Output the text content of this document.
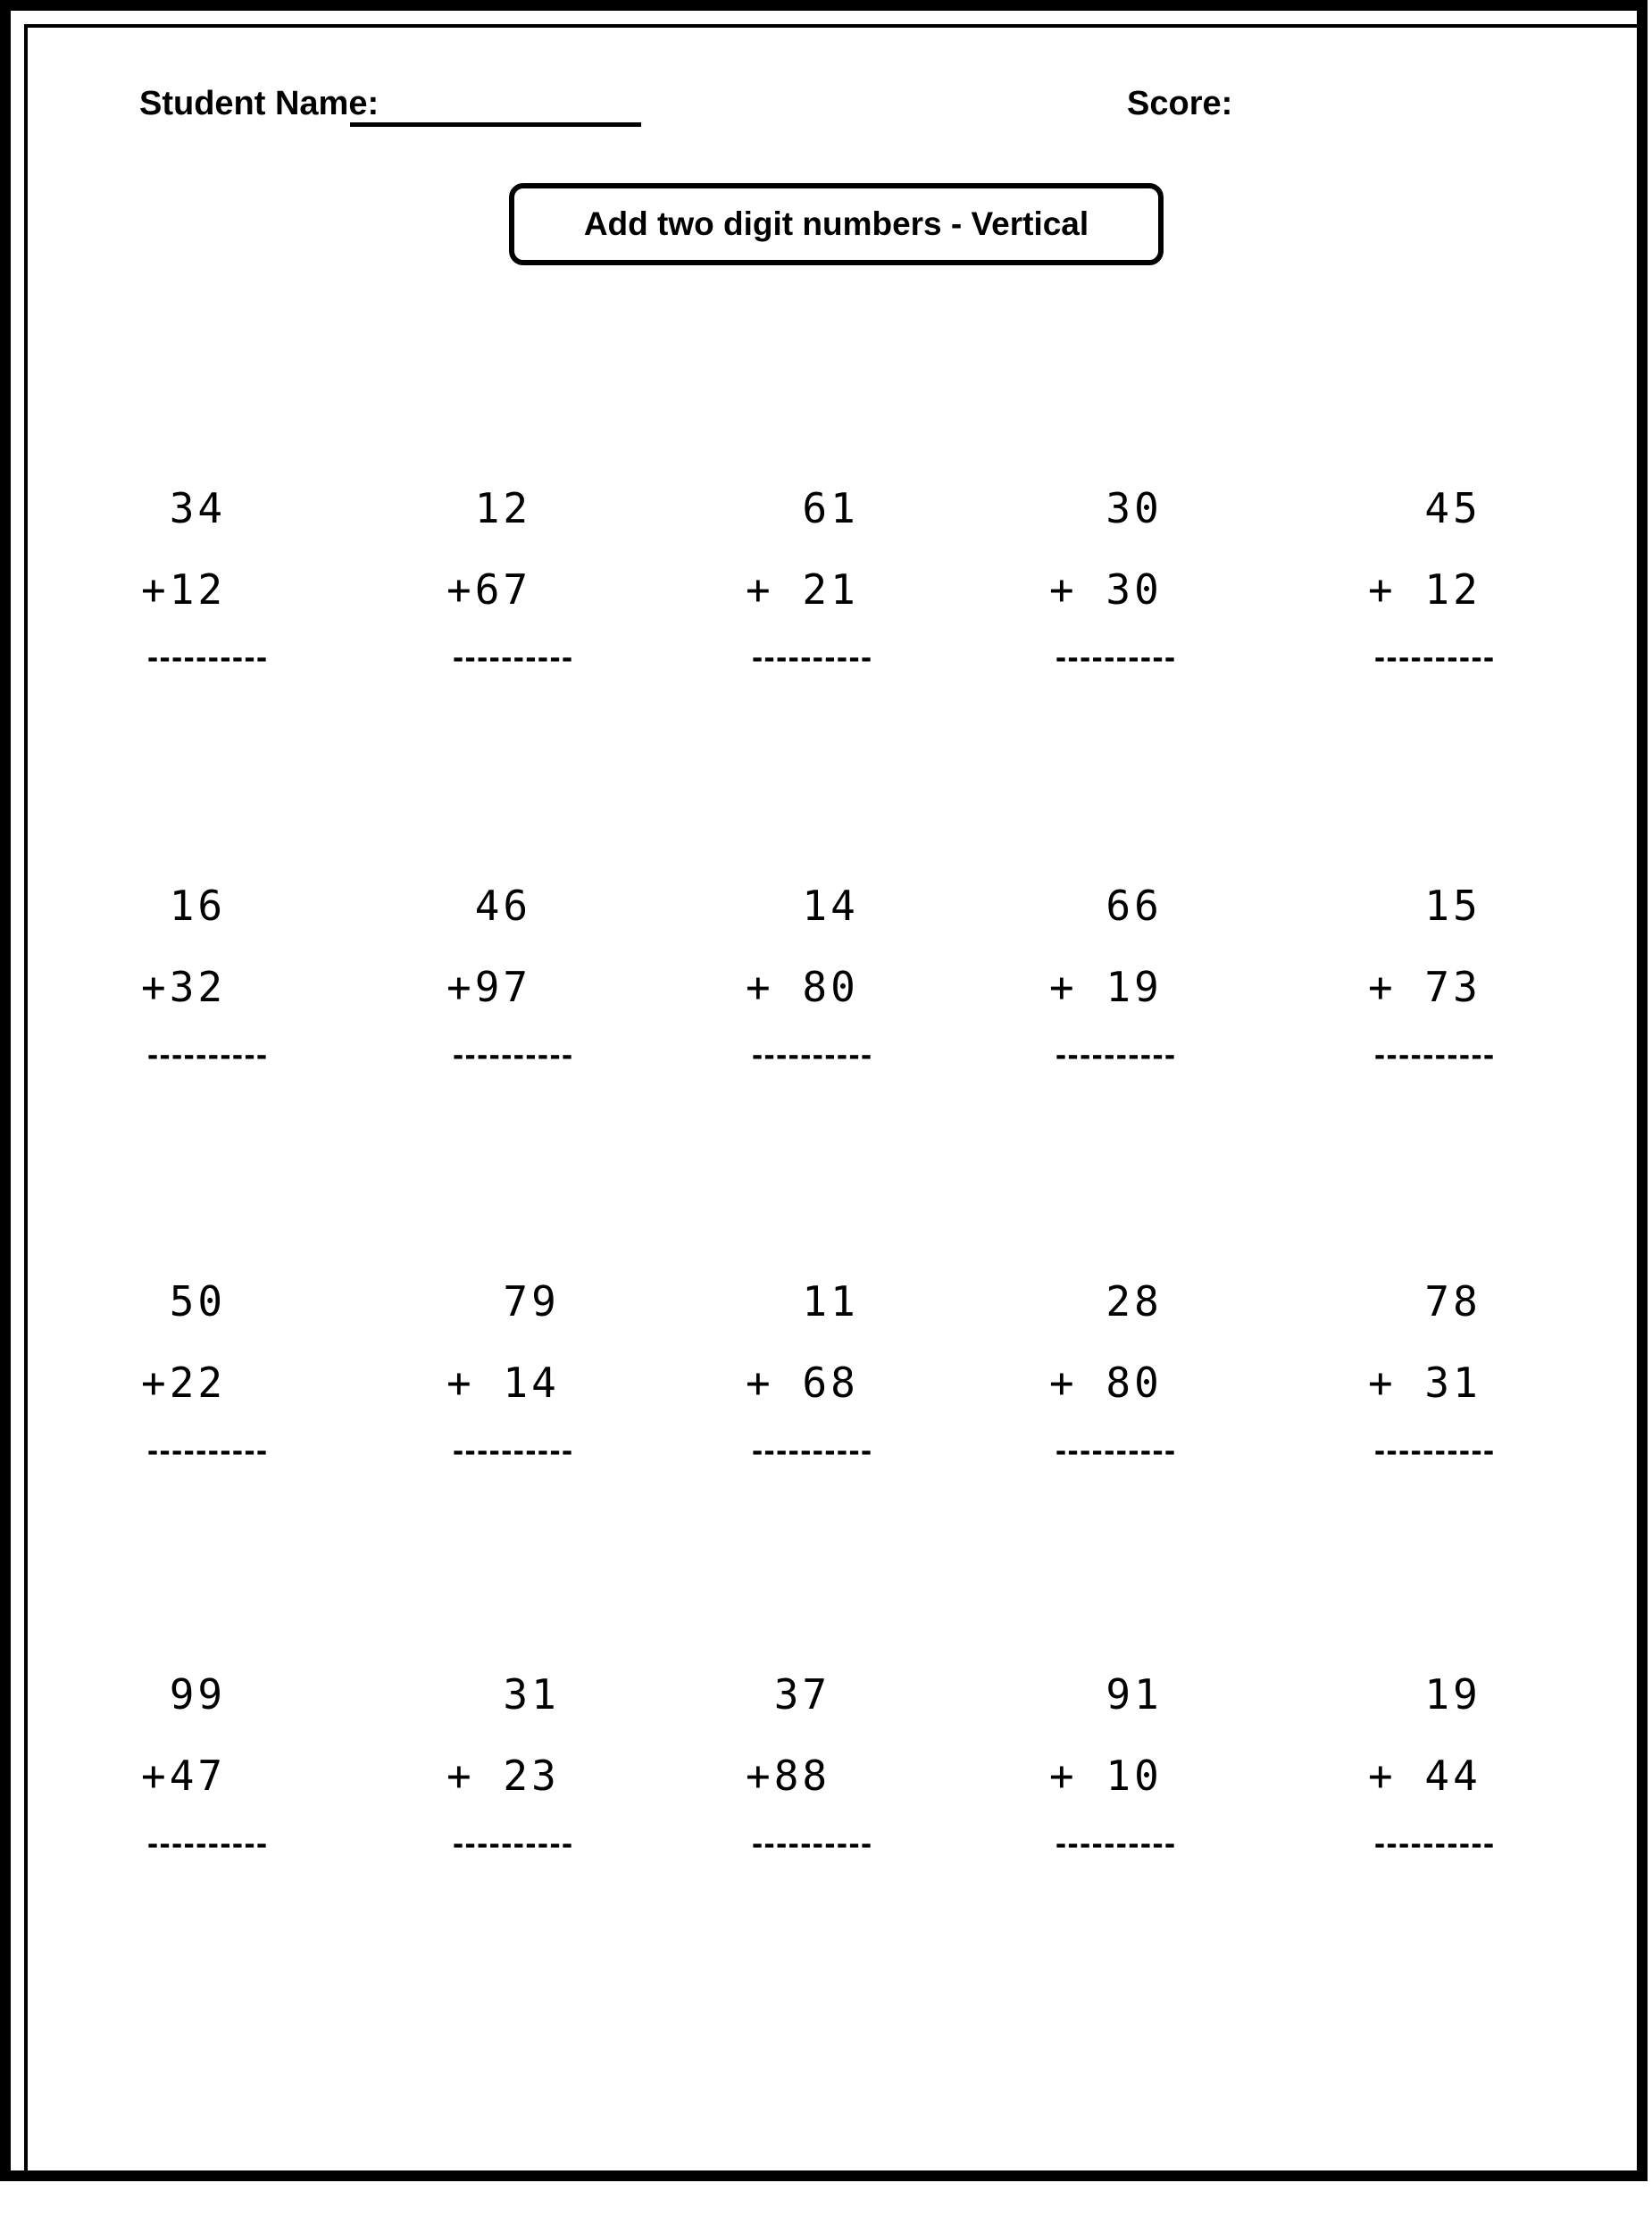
Student Name:	Score:
Add two digit numbers - Vertical
34
+12
----------
12
+67
----------
61
+ 21
----------
30
+ 30
----------
45
+ 12
----------
16
+32
----------
46
+97
----------
14
+ 80
----------
66
+ 19
----------
15
+ 73
----------
50
+22
----------
79
+ 14
----------
11
+ 68
----------
28
+ 80
----------
78
+ 31
----------
99
+47
----------
31
+ 23
----------
37
+88
----------
91
+ 10
----------
19
+ 44
----------
